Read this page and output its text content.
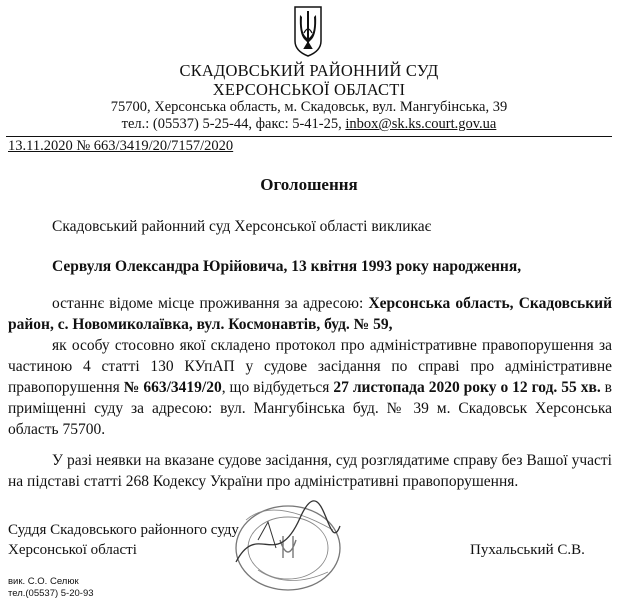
СКАДОВСЬКИЙ РАЙОННИЙ СУД
ХЕРСОНСЬКОЇ ОБЛАСТІ
75700, Херсонська область, м. Скадовськ, вул. Мангубінська, 39
тел.: (05537) 5-25-44, факс: 5-41-25, inbox@sk.ks.court.gov.ua
13.11.2020 № 663/3419/20/7157/2020
Оголошення
Скадовський районний суд Херсонської області викликає
Сервуля Олександра Юрійовича, 13 квітня 1993 року народження,
останнє відоме місце проживання за адресою: Херсонська область, Скадовський район, с. Новомиколаївка, вул. Космонавтів, буд. № 59,
як особу стосовно якої складено протокол про адміністративне правопорушення за частиною 4 статті 130 КУпАП у судове засідання по справі про адміністративне правопорушення № 663/3419/20, що відбудеться 27 листопада 2020 року о 12 год. 55 хв. в приміщенні суду за адресою: вул. Мангубінська буд. № 39 м. Скадовськ Херсонська область 75700.
У разі неявки на вказане судове засідання, суд розглядатиме справу без Вашої участі на підставі статті 268 Кодексу України про адміністративні правопорушення.
Суддя Скадовського районного суду
Херсонської області	Пухальський С.В.
вик. С.О. Селюк
тел.(05537) 5-20-93
